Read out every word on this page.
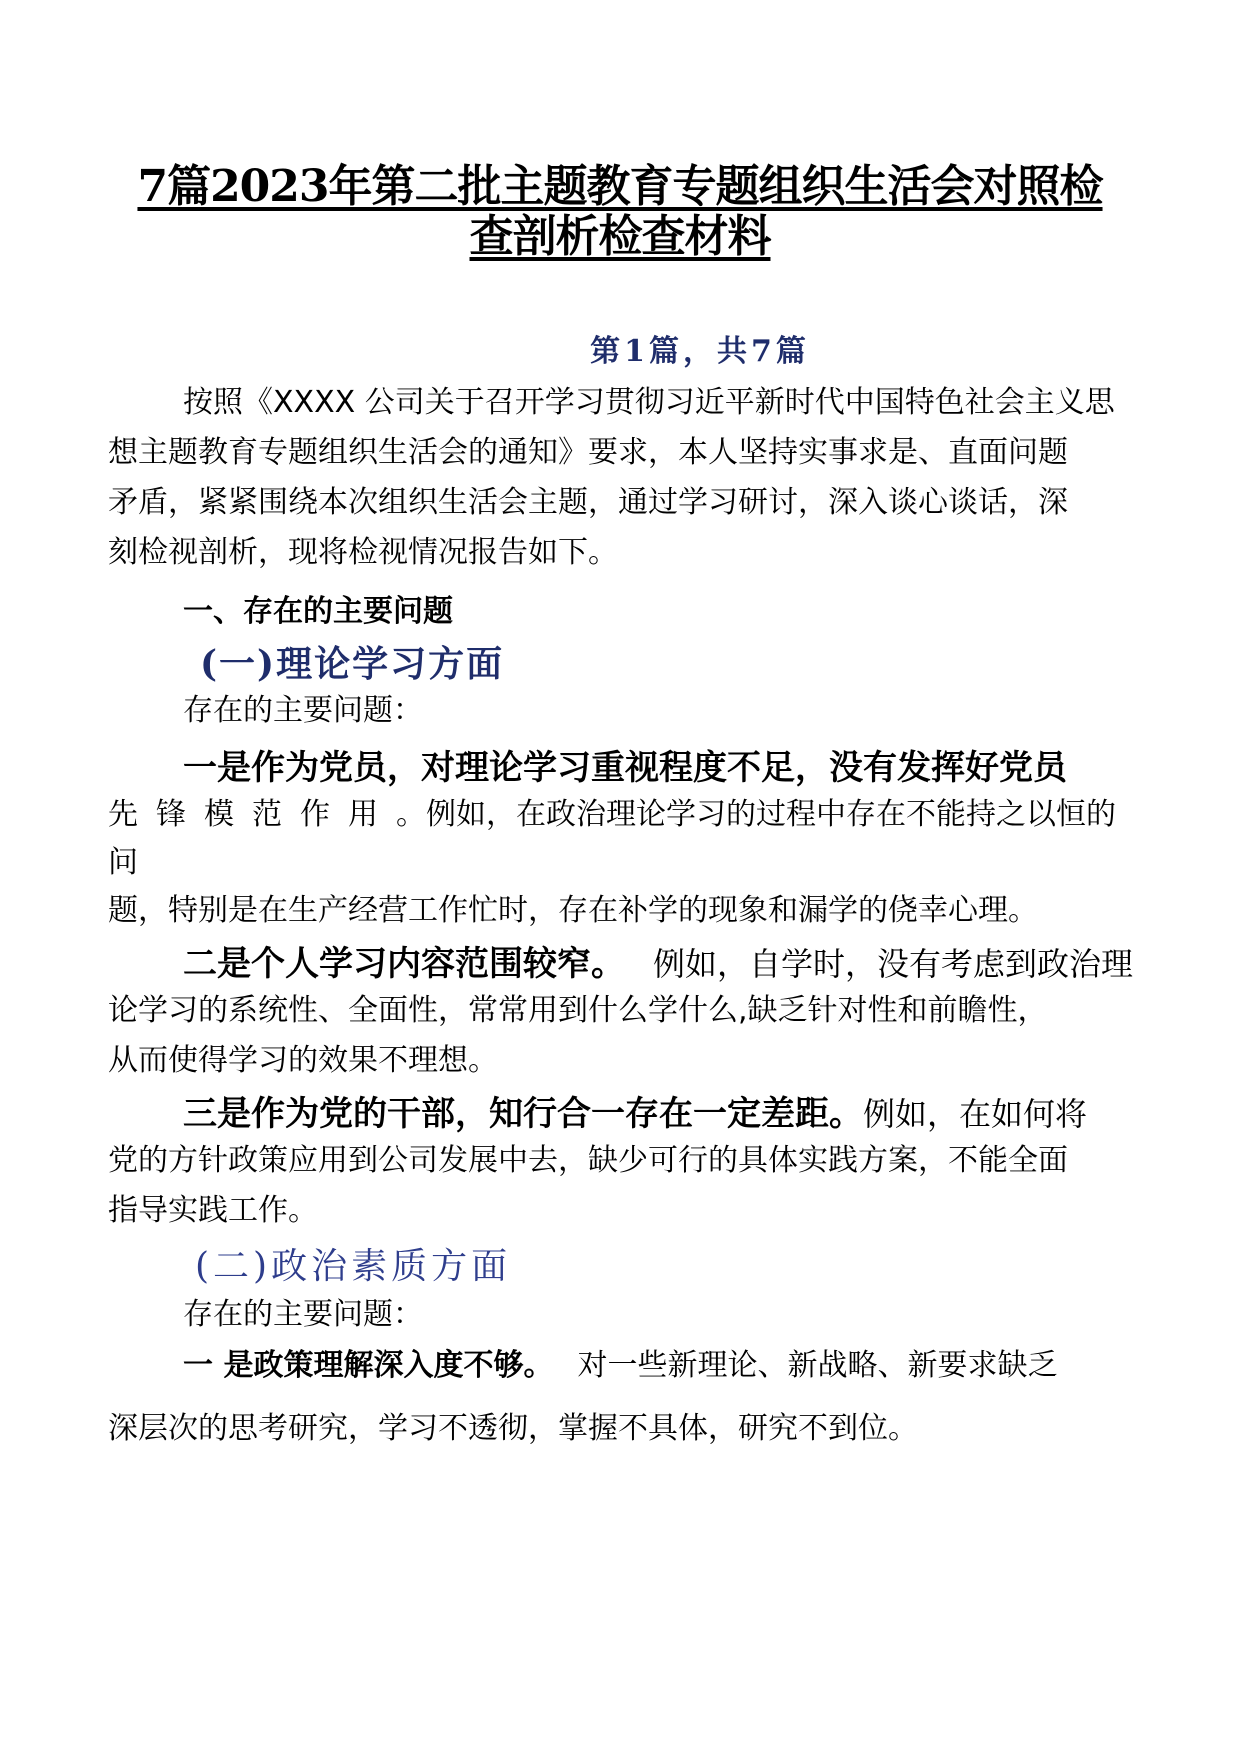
7篇2023年第二批主题教育专题组织生活会对照检
查剖析检查材料
第1篇，共7篇

按照《XXXX 公司关于召开学习贯彻习近平新时代中国特色社会主义思

想主题教育专题组织生活会的通知》要求，本人坚持实事求是、直面问题

矛盾，紧紧围绕本次组织生活会主题，通过学习研讨，深入谈心谈话，深

刻检视剖析，现将检视情况报告如下。

一、存在的主要问题

(一)理论学习方面

存在的主要问题：

一是作为党员，对理论学习重视程度不足，没有发挥好党员

先锋模范作用。例如，在政治理论学习的过程中存在不能持之以恒的

问

题，特别是在生产经营工作忙时，存在补学的现象和漏学的侥幸心理。

二是个人学习内容范围较窄。 例如，自学时，没有考虑到政治理

论学习的系统性、全面性，常常用到什么学什么,缺乏针对性和前瞻性，

从而使得学习的效果不理想。

三是作为党的干部，知行合一存在一定差距。例如，在如何将

党的方针政策应用到公司发展中去，缺少可行的具体实践方案，不能全面

指导实践工作。

(二)政治素质方面

存在的主要问题：

一 是政策理解深入度不够。 对一些新理论、新战略、新要求缺乏

深层次的思考研究，学习不透彻，掌握不具体，研究不到位。
